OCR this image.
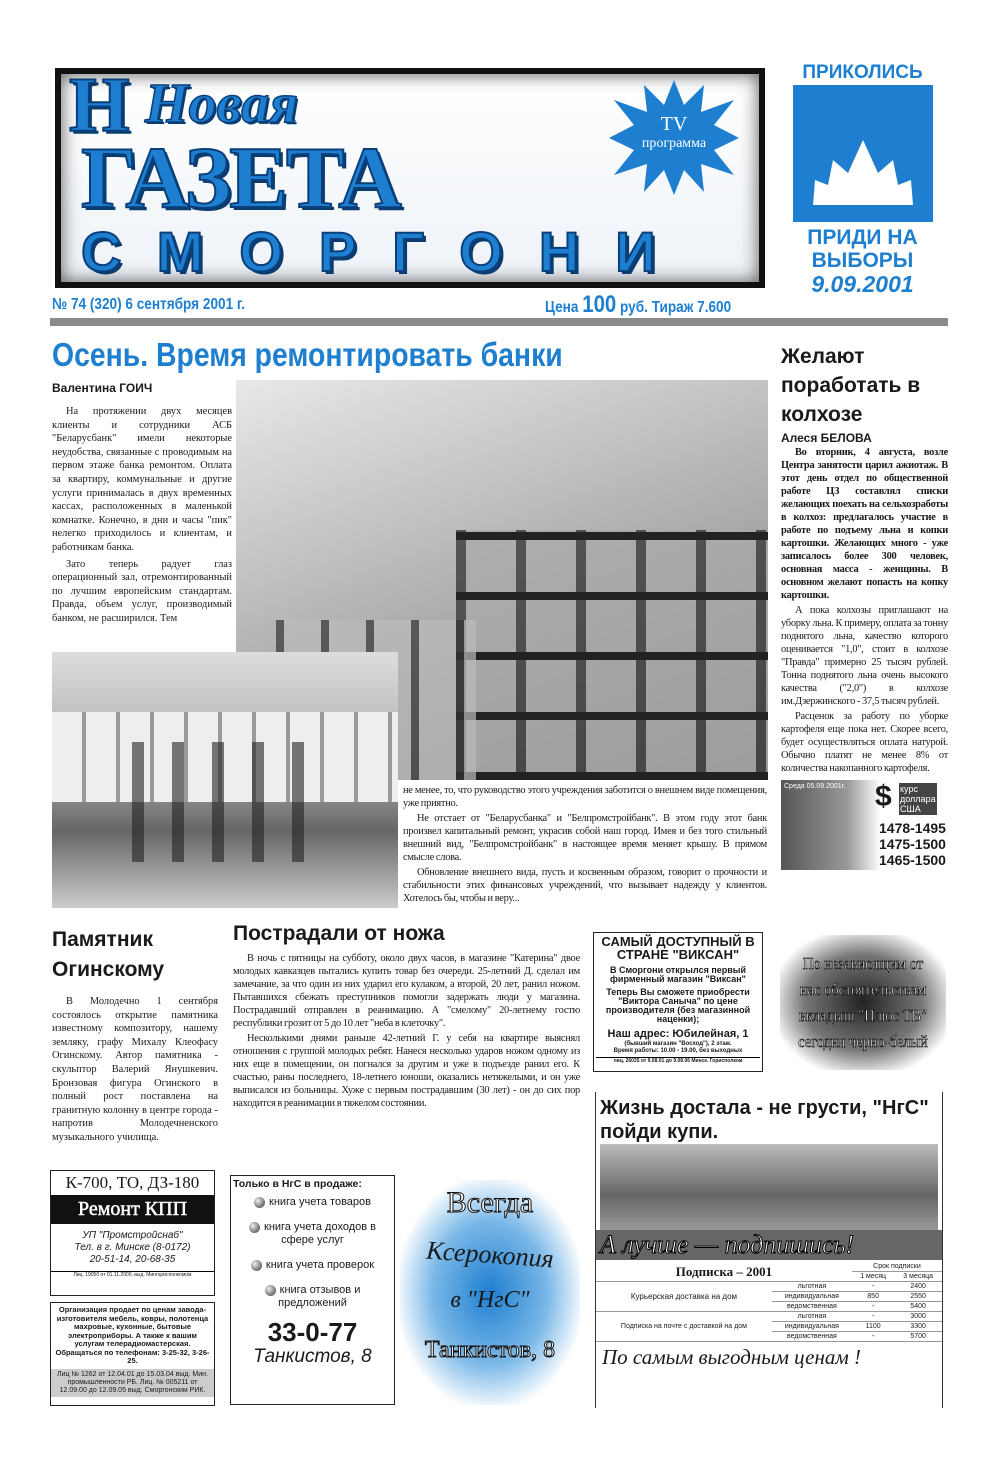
Н Новая
ГАЗЕТА
СМОРГОНИ
TV
программа
№ 74 (320) 6 сентября 2001 г.	Цена 100 руб. Тираж 7.600
ПРИКОЛИСЬ
ПРИДИ НА
ВЫБОРЫ
9.09.2001
Осень. Время ремонтировать банки
Валентина ГОИЧ

На протяжении двух месяцев клиенты и сотрудники АСБ "Беларусбанк" имели некоторые неудобства, связанные с проводимым на первом этаже банка ремонтом. Оплата за квартиру, коммунальные и другие услуги принималась в двух временных кассах, расположенных в маленькой комнатке. Конечно, в дни и часы "пик" нелегко приходилось и клиентам, и работникам банка.

Зато теперь радует глаз операционный зал, отремонтированный по лучшим европейским стандартам. Правда, объем услуг, производимый банком, не расширился. Тем

не менее, то, что руководство этого учреждения заботится о внешнем виде помещения, уже приятно.

Не отстает от "Беларусбанка" и "Белпромстройбанк". В этом году этот банк произвел капитальный ремонт, украсив собой наш город. Имея и без того стильный внешний вид, "Белпромстройбанк" в настоящее время меняет крышу. В прямом смысле слова.

Обновление внешнего вида, пусть и косвенным образом, говорит о прочности и стабильности этих финансовых учреждений, что вызывает надежду у клиентов. Хотелось бы, чтобы и веру...

Желают поработать в колхозе
Алеся БЕЛОВА

Во вторник, 4 августа, возле Центра занятости царил ажиотаж. В этот день отдел по общественной работе ЦЗ составлял списки желающих поехать на сельхозработы в колхоз: предлагалось участие в работе по подъему льна и копки картошки. Желающих много - уже записалось более 300 человек, основная масса - женщины. В основном желают попасть на копку картошки.

А пока колхозы приглашают на уборку льна. К примеру, оплата за тонну поднятого льна, качество которого оценивается "1,0", стоит в колхозе "Правда" примерно 25 тысяч рублей. Тонна поднятого льна очень высокого качества ("2,0") в колхозе им.Дзержинского - 37,5 тысяч рублей.

Расценок за работу по уборке картофеля еще пока нет. Скорее всего, будет осуществляться оплата натурой. Обычно платят не менее 8% от количества накопанного картофеля.

Среда 05.09.2001г. $ курс
доллара
США
1478-1495
1475-1500
1465-1500
Памятник Огинскому

В Молодечно 1 сентября состоялось открытие памятника известному композитору, нашему земляку, графу Михалу Клеофасу Огинскому. Автор памятника - скульптор Валерий Янушкевич. Бронзовая фигура Огинского в полный рост поставлена на гранитную колонну в центре города - напротив Молодечненского музыкального училища.

Пострадали от ножа

В ночь с пятницы на субботу, около двух часов, в магазине "Катерина" двое молодых кавказцев пытались купить товар без очереди. 25-летний Д. сделал им замечание, за что один из них ударил его кулаком, а второй, 20 лет, ранил ножом. Пытавшихся сбежать преступников помогли задержать люди у магазина. Пострадавший отправлен в реанимацию. А "смелому" 20-летнему гостю республики грозит от 5 до 10 лет "неба в клеточку".

Несколькими днями раньше 42-летний Г. у себя на квартире выяснял отношения с группой молодых ребят. Нанеся несколько ударов ножом одному из них еще в помещении, он погнался за другим и уже в подъезде ранил его. К счастью, раны последнего, 18-летнего юноши, оказались нетяжелыми, и он уже выписался из больницы. Хуже с первым пострадавшим (30 лет) - он до сих пор находится в реанимации в тяжелом состоянии.

САМЫЙ ДОСТУПНЫЙ В СТРАНЕ "ВИКСАН"
В Сморгони открылся первый фирменный магазин "Виксан"
Теперь Вы сможете приобрести "Виктора Саныча" по цене производителя (без магазинной наценки);
Наш адрес: Юбилейная, 1
(бывший магазин "Восход"), 2 этаж.
Время работы: 10.00 - 19.00, без выходных
лиц. 26035 от 9.08.01 до 9.08.06 Минск. Горисполком
По независящим от нас обстоятельствам вкладыш "Плюс ТВ" сегодня черно-белый
К-700, ТО, ДЗ-180
Ремонт КПП
УП "Промстройснаб"
Тел. в г. Минске (8-0172)
20-51-14, 20-68-35
Лиц. 19050 от 01.11.2000, выд. Мингорисполкомом
Организация продает по ценам завода-изготовителя мебель, ковры, полотенца махровые, кухонные, бытовые электроприборы. А также к вашим услугам телерадиомастерская. Обращаться по телефонам: 3-25-32, 3-26-25.
Лиц № 1262 от 12.04.01 до 15.03.04 выд. Мин. промышленности РБ. Лиц. № 005211 от 12.09.00 до 12.09.05 выд. Сморгонским РИК.
Только в НгС в продаже:
книга учета товаров
книга учета доходов в сфере услуг
книга учета проверок
книга отзывов и предложений
33-0-77
Танкистов, 8
Всегда
Ксерокопия
в "НгС"
Танкистов, 8
Жизнь достала - не грусти, "НгС" пойди купи.
А лучше — подпишись!
Подписка – 2001		Срок подписки	
		1 месяц	3 месяца
Курьерская доставка на дом	льготная	-	2400
	индивидуальная	850	2550
	ведомственная	-	5400
Подписка на почте с доставкой на дом	льготная	-	3000
	индивидуальная	1100	3300
	ведомственная	-	5700
По самым выгодным ценам !
